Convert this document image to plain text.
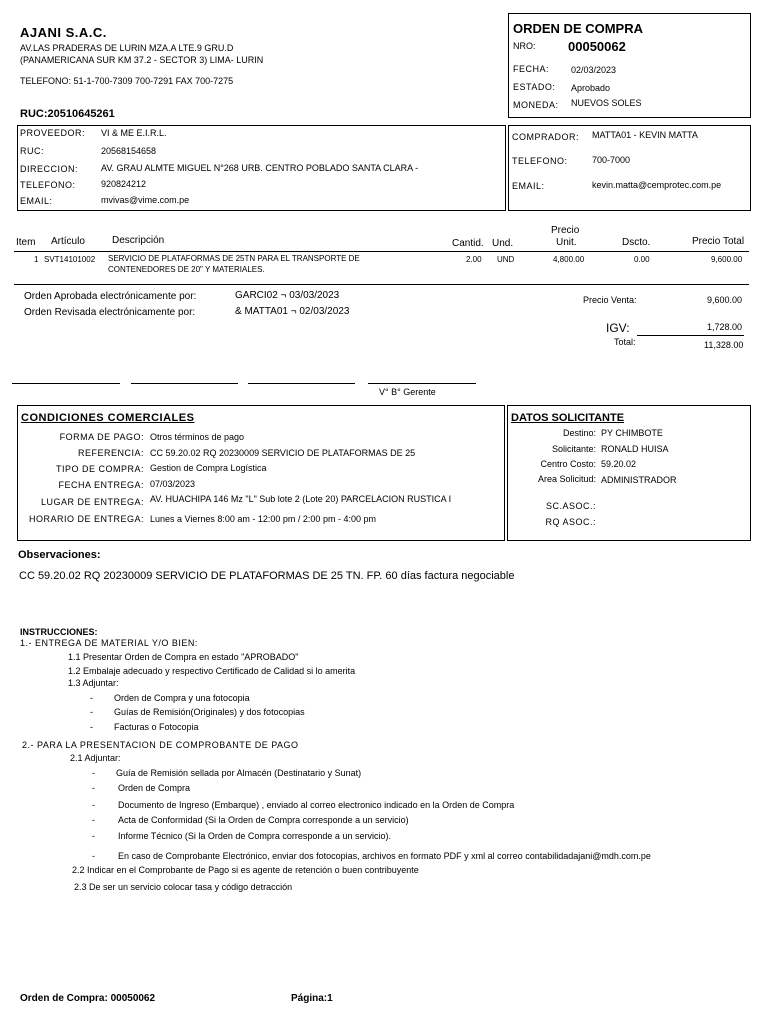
AJANI S.A.C.
AV.LAS PRADERAS DE LURIN MZA.A LTE.9 GRU.D
(PANAMERICANA SUR KM 37.2 - SECTOR 3) LIMA- LURIN
TELEFONO: 51-1-700-7309 700-7291 FAX 700-7275
RUC:20510645261
ORDEN DE COMPRA
NRO:	00050062
FECHA: 02/03/2023
ESTADO: Aprobado
MONEDA: NUEVOS SOLES
PROVEEDOR: VI & ME E.I.R.L.
RUC:	20568154658
DIRECCION:	AV. GRAU ALMTE MIGUEL N°268 URB. CENTRO POBLADO SANTA CLARA -
TELEFONO:	920824212
EMAIL:	mvivas@vime.com.pe
COMPRADOR: MATTA01 - KEVIN MATTA
TELEFONO:	700-7000
EMAIL:	kevin.matta@cemprotec.com.pe
Item Artículo	Descripción	Cantid. Und.
Precio
Unit.	Dscto.	Precio Total
1 SVT14101002 SERVICIO DE PLATAFORMAS DE 25TN PARA EL TRANSPORTE DE
CONTENEDORES DE 20" Y MATERIALES.
2.00 UND	4,800.00	0.00	9,600.00
Orden Aprobada electrónicamente por:	GARCI02 ¬ 03/03/2023
Orden Revisada electrónicamente por:	& MATTA01 ¬ 02/03/2023
Precio Venta:	9,600.00
IGV:	1,728.00
Total:	11,328.00
V° B° Gerente
CONDICIONES COMERCIALES
FORMA DE PAGO: Otros términos de pago
REFERENCIA: CC 59.20.02 RQ 20230009 SERVICIO DE PLATAFORMAS DE 25
TIPO DE COMPRA: Gestion de Compra Logística
FECHA ENTREGA: 07/03/2023
LUGAR DE ENTREGA: AV. HUACHIPA 146 Mz "L" Sub lote 2 (Lote 20) PARCELACION RUSTICA I
HORARIO DE ENTREGA: Lunes a Viernes 8:00 am - 12:00 pm / 2:00 pm - 4:00 pm
DATOS SOLICITANTE
Destino: PY CHIMBOTE
Solicitante: RONALD HUISA
Centro Costo: 59.20.02
Area Solicitud: ADMINISTRADOR
SC.ASOC.:
RQ ASOC.:
Observaciones:
CC 59.20.02 RQ 20230009 SERVICIO DE PLATAFORMAS DE 25 TN. FP. 60 días factura negociable
INSTRUCCIONES:
1.- ENTREGA DE MATERIAL Y/O BIEN:
1.1 Presentar Orden de Compra en estado "APROBADO"
1.2 Embalaje adecuado y respectivo Certificado de Calidad si lo amerita
1.3 Adjuntar:
- Orden de Compra y una fotocopia
- Guías de Remisión(Originales) y dos fotocopias
- Facturas o Fotocopia
2.- PARA LA PRESENTACION DE COMPROBANTE DE PAGO
2.1 Adjuntar:
- Guía de Remisión sellada por Almacén (Destinatario y Sunat)
-	Orden de Compra
-	Documento de Ingreso (Embarque) , enviado al correo electronico indicado en la Orden de Compra
-	Acta de Conformidad (Si la Orden de Compra corresponde a un servicio)
-	Informe Técnico (Si la Orden de Compra corresponde a un servicio).
-	En caso de Comprobante Electrónico, enviar dos fotocopias, archivos en formato PDF y xml al correo contabilidadajani@mdh.com.pe
2.2 Indicar en el Comprobante de Pago si es agente de retención o buen contribuyente
2.3 De ser un servicio colocar tasa y código detracción
Orden de Compra: 00050062	Página:1
